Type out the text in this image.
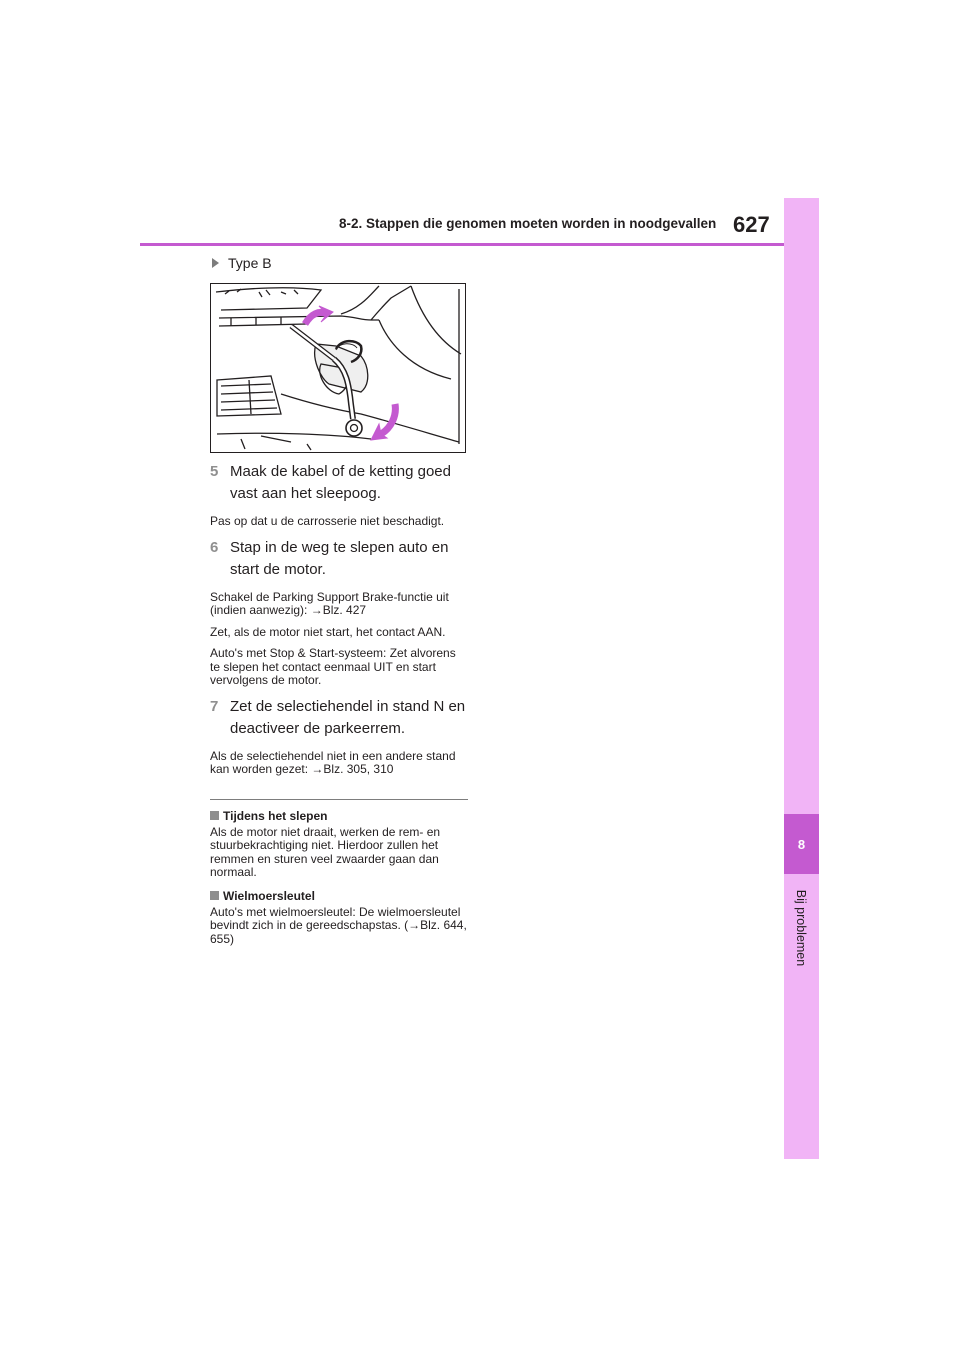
8
Bij problemen
8-2. Stappen die genomen moeten worden in noodgevallen 627
Type B
5 Maak de kabel of de ketting goed vast aan het sleepoog.
Pas op dat u de carrosserie niet beschadigt.
6 Stap in de weg te slepen auto en start de motor.
Schakel de Parking Support Brake-functie uit (indien aanwezig): →Blz. 427
Zet, als de motor niet start, het contact AAN.
Auto's met Stop & Start-systeem: Zet alvorens te slepen het contact eenmaal UIT en start vervolgens de motor.
7 Zet de selectiehendel in stand N en deactiveer de parkeerrem.
Als de selectiehendel niet in een andere stand kan worden gezet: →Blz. 305, 310
Tijdens het slepen
Als de motor niet draait, werken de rem- en stuurbekrachtiging niet. Hierdoor zullen het remmen en sturen veel zwaarder gaan dan normaal.
Wielmoersleutel
Auto's met wielmoersleutel: De wielmoersleutel bevindt zich in de gereedschapstas. (→Blz. 644, 655)
